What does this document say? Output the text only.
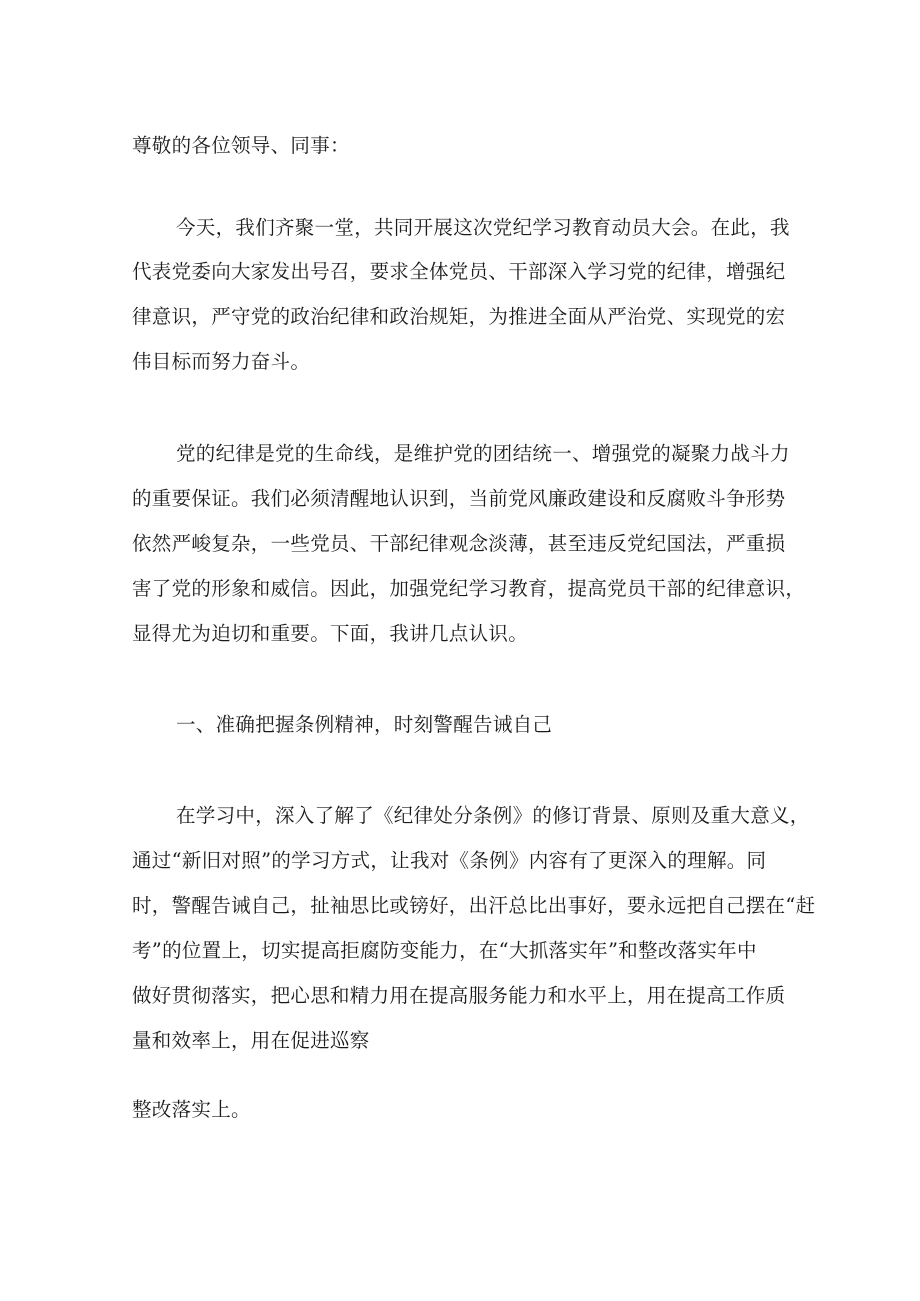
尊敬的各位领导、同事：
今天，我们齐聚一堂，共同开展这次党纪学习教育动员大会。在此，我
代表党委向大家发出号召，要求全体党员、干部深入学习党的纪律，增强纪
律意识，严守党的政治纪律和政治规矩，为推进全面从严治党、实现党的宏
伟目标而努力奋斗。
党的纪律是党的生命线，是维护党的团结统一、增强党的凝聚力战斗力
的重要保证。我们必须清醒地认识到，当前党风廉政建设和反腐败斗争形势
依然严峻复杂，一些党员、干部纪律观念淡薄，甚至违反党纪国法，严重损
害了党的形象和威信。因此，加强党纪学习教育，提高党员干部的纪律意识，
显得尤为迫切和重要。下面，我讲几点认识。
一、准确把握条例精神，时刻警醒告诫自己
在学习中，深入了解了《纪律处分条例》的修订背景、原则及重大意义，
通过“新旧对照”的学习方式，让我对《条例》内容有了更深入的理解。同
时，警醒告诫自己，扯袖思比或镑好，出汗总比出事好，要永远把自己摆在“赶
考”的位置上，切实提高拒腐防变能力，在“大抓落实年”和整改落实年中
做好贯彻落实，把心思和精力用在提高服务能力和水平上，用在提高工作质
量和效率上，用在促进巡察
整改落实上。
